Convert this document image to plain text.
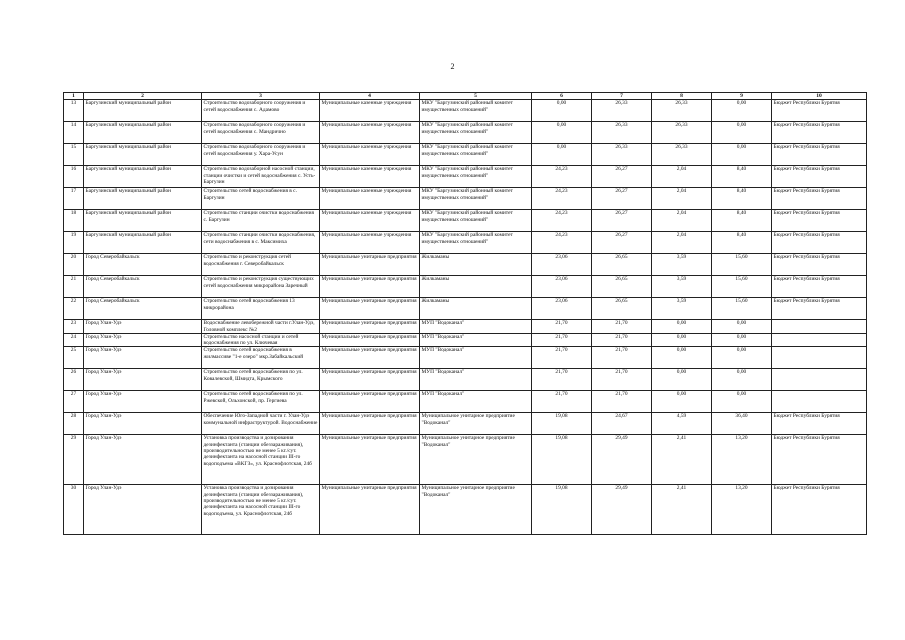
2
1	2	3	4	5	6	7	8	9	10
13	Баргузинский муниципальный район	Строительство водозаборного сооружения и сетей водоснабжения с. Адамово	Муниципальные казенные учреждения	МКУ "Баргузинский районный комитет имущественных отношений"	0,00	26,33	26,33	0,00	Бюджет Республики Бурятия
14	Баргузинский муниципальный район	Строительство водозаборного сооружения и сетей водоснабжения с. Мандрично	Муниципальные казенные учреждения	МКУ "Баргузинский районный комитет имущественных отношений"	0,00	26,33	26,33	0,00	Бюджет Республики Бурятия
15	Баргузинский муниципальный район	Строительство водозаборного сооружения и сетей водоснабжения у. Хара-Усун	Муниципальные казенные учреждения	МКУ "Баргузинский районный комитет имущественных отношений"	0,00	26,33	26,33	0,00	Бюджет Республики Бурятия
16	Баргузинский муниципальный район	Строительство водозаборной насосной станции, станции очистки и сетей водоснабжения с. Усть-Баргузин	Муниципальные казенные учреждения	МКУ "Баргузинский районный комитет имущественных отношений"	24,23	26,27	2,04	8,40	Бюджет Республики Бурятия
17	Баргузинский муниципальный район	Строительство сетей водоснабжения в с. Баргузин	Муниципальные казенные учреждения	МКУ "Баргузинский районный комитет имущественных отношений"	24,23	26,27	2,04	8,40	Бюджет Республики Бурятия
18	Баргузинский муниципальный район	Строительство станции очистки водоснабжения с. Баргузин	Муниципальные казенные учреждения	МКУ "Баргузинский районный комитет имущественных отношений"	24,23	26,27	2,04	8,40	Бюджет Республики Бурятия
19	Баргузинский муниципальный район	Строительство станции очистки водоснабжения, сети водоснабжения в с. Максимиха	Муниципальные казенные учреждения	МКУ "Баргузинский районный комитет имущественных отношений"	24,23	26,27	2,04	8,40	Бюджет Республики Бурятия
20	Город Северобайкальск	Строительство и реконструкция сетей водоснабжения г. Северобайкальск	Муниципальные унитарные предприятия	Жилкаманы	23,06	26,65	3,59	15,60	Бюджет Республики Бурятия
21	Город Северобайкальск	Строительство и реконструкция существующих сетей водоснабжения микрорайона Заречный	Муниципальные унитарные предприятия	Жилкаманы	23,06	26,65	3,59	15,60	Бюджет Республики Бурятия
22	Город Северобайкальск	Строительство сетей водоснабжения 13 микрорайона	Муниципальные унитарные предприятия	Жилкаманы	23,06	26,65	3,59	15,60	Бюджет Республики Бурятия
23	Город Улан-Удэ	Водоснабжение левобережной части г.Улан-Удэ, Головной комплекс №2	Муниципальные унитарные предприятия	МУП "Водоканал"	21,70	21,70	0,00	0,00	
24	Город Улан-Удэ	Строительство насосной станции и сетей водоснабжения по ул. Ключевая	Муниципальные унитарные предприятия	МУП "Водоканал"	21,70	21,70	0,00	0,00	
25	Город Улан-Удэ	Строительство сетей водоснабжения в жилмассиве "1-е озеро" мкр.Забайкальский	Муниципальные унитарные предприятия	МУП "Водоканал"	21,70	21,70	0,00	0,00	
26	Город Улан-Удэ	Строительство сетей водоснабжения по ул. Ковалевской, Шмидта, Крымского	Муниципальные унитарные предприятия	МУП "Водоканал"	21,70	21,70	0,00	0,00	
27	Город Улан-Удэ	Строительство сетей водоснабжения по ул. Ржевской, Ольхонской, пр. Гергиева	Муниципальные унитарные предприятия	МУП "Водоканал"	21,70	21,70	0,00	0,00	
28	Город Улан-Удэ	Обеспечение Юго-Западной части г. Улан-Удэ коммунальной инфраструктурой. Водоснабжение	Муниципальные унитарные предприятия	Муниципальное унитарное предприятие "Водоканал"	19,08	24,67	4,59	36,40	Бюджет Республики Бурятия
29	Город Улан-Удэ	Установка производства и дозирования дезинфектанта (станции обеззараживания), производительностью не менее 5 кг./сут. дезинфектанта на насосной станции III-го водоподъема «ВКГЗ», ул. Краснофлотская, 24б	Муниципальные унитарные предприятия	Муниципальное унитарное предприятие "Водоканал"	19,08	29,49	2,41	13,20	Бюджет Республики Бурятия
30	Город Улан-Удэ	Установка производства и дозирования дезинфектанта (станции обеззараживания), производительностью не менее 5 кг./сут. дезинфектанта на насосной станции III-го водоподъема, ул. Краснофлотская, 24б	Муниципальные унитарные предприятия	Муниципальное унитарное предприятие "Водоканал"	19,08	29,49	2,41	13,20	Бюджет Республики Бурятия
